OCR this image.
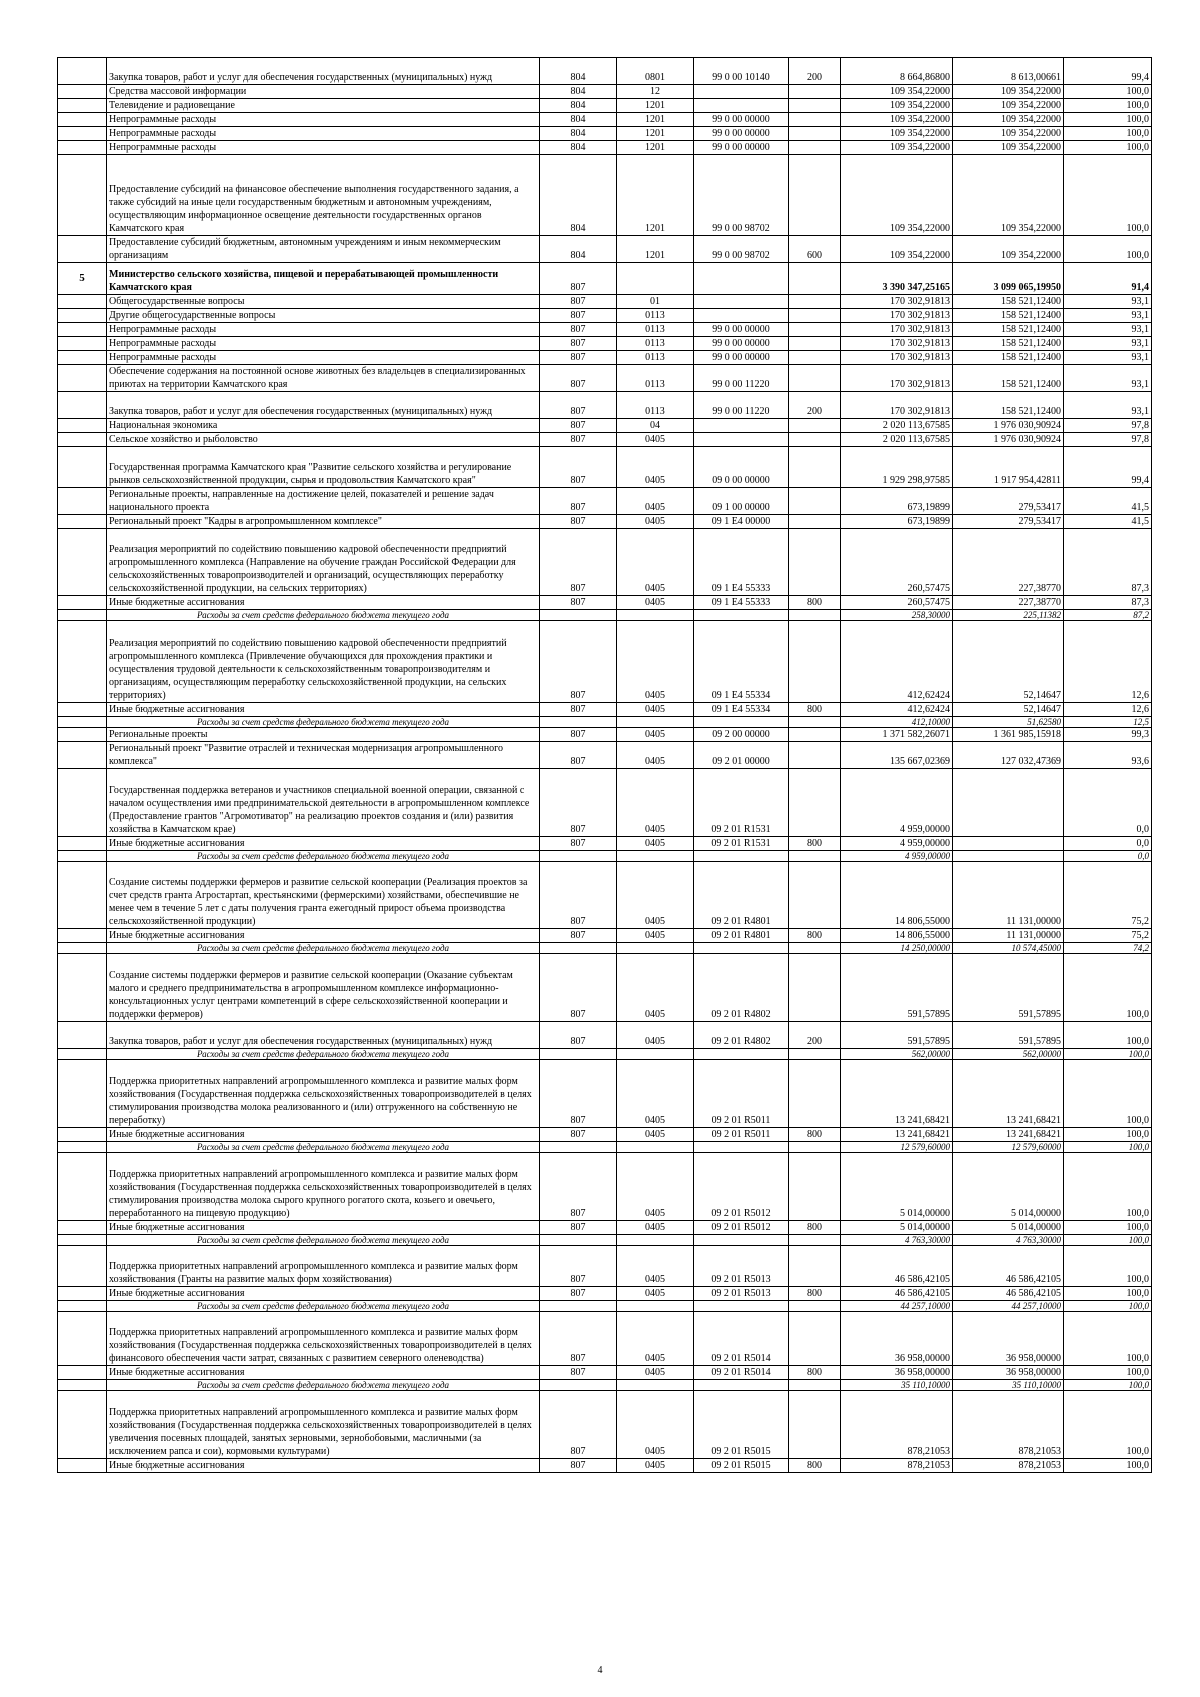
	Закупка товаров, работ и услуг для обеспечения государственных (муниципальных) нужд	804	0801	99 0 00 10140	200	8 664,86800	8 613,00661	99,4
	Средства массовой информации	804	12			109 354,22000	109 354,22000	100,0
	Телевидение и радиовещание	804	1201			109 354,22000	109 354,22000	100,0
	Непрограммные расходы	804	1201	99 0 00 00000		109 354,22000	109 354,22000	100,0
	Непрограммные расходы	804	1201	99 0 00 00000		109 354,22000	109 354,22000	100,0
	Непрограммные расходы	804	1201	99 0 00 00000		109 354,22000	109 354,22000	100,0
	Предоставление субсидий на финансовое обеспечение выполнения государственного задания, а также субсидий на иные цели государственным бюджетным и автономным учреждениям, осуществляющим информационное освещение деятельности государственных органов Камчатского края	804	1201	99 0 00 98702		109 354,22000	109 354,22000	100,0
	Предоставление субсидий бюджетным, автономным учреждениям и иным некоммерческим организациям	804	1201	99 0 00 98702	600	109 354,22000	109 354,22000	100,0
5	Министерство сельского хозяйства, пищевой и перерабатывающей промышленности Камчатского края	807				3 390 347,25165	3 099 065,19950	91,4
	Общегосударственные вопросы	807	01			170 302,91813	158 521,12400	93,1
	Другие общегосударственные вопросы	807	0113			170 302,91813	158 521,12400	93,1
	Непрограммные расходы	807	0113	99 0 00 00000		170 302,91813	158 521,12400	93,1
	Непрограммные расходы	807	0113	99 0 00 00000		170 302,91813	158 521,12400	93,1
	Непрограммные расходы	807	0113	99 0 00 00000		170 302,91813	158 521,12400	93,1
	Обеспечение содержания на постоянной основе животных без владельцев в специализированных приютах на территории Камчатского края	807	0113	99 0 00 11220		170 302,91813	158 521,12400	93,1
	Закупка товаров, работ и услуг для обеспечения государственных (муниципальных) нужд	807	0113	99 0 00 11220	200	170 302,91813	158 521,12400	93,1
	Национальная экономика	807	04			2 020 113,67585	1 976 030,90924	97,8
	Сельское хозяйство и рыболовство	807	0405			2 020 113,67585	1 976 030,90924	97,8
	Государственная программа Камчатского края "Развитие сельского хозяйства и регулирование рынков сельскохозяйственной продукции, сырья и продовольствия Камчатского края"	807	0405	09 0 00 00000		1 929 298,97585	1 917 954,42811	99,4
	Региональные проекты, направленные на достижение целей, показателей и решение задач национального проекта	807	0405	09 1 00 00000		673,19899	279,53417	41,5
	Региональный проект "Кадры в агропромышленном комплексе"	807	0405	09 1 Е4 00000		673,19899	279,53417	41,5
	Реализация мероприятий по содействию повышению кадровой обеспеченности предприятий агропромышленного комплекса (Направление на обучение граждан Российской Федерации для сельскохозяйственных товаропроизводителей и организаций, осуществляющих переработку сельскохозяйственной продукции, на сельских территориях)	807	0405	09 1 Е4 55333		260,57475	227,38770	87,3
	Иные бюджетные ассигнования	807	0405	09 1 Е4 55333	800	260,57475	227,38770	87,3
	Расходы за счет средств федерального бюджета текущего года					258,30000	225,11382	87,2
	Реализация мероприятий по содействию повышению кадровой обеспеченности предприятий агропромышленного комплекса (Привлечение обучающихся для прохождения практики и осуществления трудовой деятельности к сельскохозяйственным товаропроизводителям и организациям, осуществляющим переработку сельскохозяйственной продукции, на сельских территориях)	807	0405	09 1 Е4 55334		412,62424	52,14647	12,6
	Иные бюджетные ассигнования	807	0405	09 1 Е4 55334	800	412,62424	52,14647	12,6
	Расходы за счет средств федерального бюджета текущего года					412,10000	51,62580	12,5
	Региональные проекты	807	0405	09 2 00 00000		1 371 582,26071	1 361 985,15918	99,3
	Региональный проект "Развитие отраслей и техническая модернизация агропромышленного комплекса"	807	0405	09 2 01 00000		135 667,02369	127 032,47369	93,6
	Государственная поддержка ветеранов и участников специальной военной операции, связанной с началом осуществления ими предпринимательской деятельности в агропромышленном комплексе (Предоставление грантов "Агромотиватор" на реализацию проектов создания и (или) развития хозяйства в Камчатском крае)	807	0405	09 2 01 R1531		4 959,00000		0,0
	Иные бюджетные ассигнования	807	0405	09 2 01 R1531	800	4 959,00000		0,0
	Расходы за счет средств федерального бюджета текущего года					4 959,00000		0,0
	Создание системы поддержки фермеров и развитие сельской кооперации (Реализация проектов за счет средств гранта Агростартап, крестьянскими (фермерскими) хозяйствами, обеспечившие не менее чем в течение 5 лет с даты получения гранта ежегодный прирост объема производства сельскохозяйственной продукции)	807	0405	09 2 01 R4801		14 806,55000	11 131,00000	75,2
	Иные бюджетные ассигнования	807	0405	09 2 01 R4801	800	14 806,55000	11 131,00000	75,2
	Расходы за счет средств федерального бюджета текущего года					14 250,00000	10 574,45000	74,2
	Создание системы поддержки фермеров и развитие сельской кооперации (Оказание субъектам малого и среднего предпринимательства в агропромышленном комплексе информационно-консультационных услуг центрами компетенций в сфере сельскохозяйственной кооперации и поддержки фермеров)	807	0405	09 2 01 R4802		591,57895	591,57895	100,0
	Закупка товаров, работ и услуг для обеспечения государственных (муниципальных) нужд	807	0405	09 2 01 R4802	200	591,57895	591,57895	100,0
	Расходы за счет средств федерального бюджета текущего года					562,00000	562,00000	100,0
	Поддержка приоритетных направлений агропромышленного комплекса и развитие малых форм хозяйствования (Государственная поддержка сельскохозяйственных товаропроизводителей в целях стимулирования производства молока реализованного и (или) отгруженного на собственную не переработку)	807	0405	09 2 01 R5011		13 241,68421	13 241,68421	100,0
	Иные бюджетные ассигнования	807	0405	09 2 01 R5011	800	13 241,68421	13 241,68421	100,0
	Расходы за счет средств федерального бюджета текущего года					12 579,60000	12 579,60000	100,0
	Поддержка приоритетных направлений агропромышленного комплекса и развитие малых форм хозяйствования (Государственная поддержка сельскохозяйственных товаропроизводителей в целях стимулирования производства молока сырого крупного рогатого скота, козьего и овечьего, переработанного на пищевую продукцию)	807	0405	09 2 01 R5012		5 014,00000	5 014,00000	100,0
	Иные бюджетные ассигнования	807	0405	09 2 01 R5012	800	5 014,00000	5 014,00000	100,0
	Расходы за счет средств федерального бюджета текущего года					4 763,30000	4 763,30000	100,0
	Поддержка приоритетных направлений агропромышленного комплекса и развитие малых форм хозяйствования (Гранты на развитие малых форм хозяйствования)	807	0405	09 2 01 R5013		46 586,42105	46 586,42105	100,0
	Иные бюджетные ассигнования	807	0405	09 2 01 R5013	800	46 586,42105	46 586,42105	100,0
	Расходы за счет средств федерального бюджета текущего года					44 257,10000	44 257,10000	100,0
	Поддержка приоритетных направлений агропромышленного комплекса и развитие малых форм хозяйствования (Государственная поддержка сельскохозяйственных товаропроизводителей в целях финансового обеспечения части затрат, связанных с развитием северного оленеводства)	807	0405	09 2 01 R5014		36 958,00000	36 958,00000	100,0
	Иные бюджетные ассигнования	807	0405	09 2 01 R5014	800	36 958,00000	36 958,00000	100,0
	Расходы за счет средств федерального бюджета текущего года					35 110,10000	35 110,10000	100,0
	Поддержка приоритетных направлений агропромышленного комплекса и развитие малых форм хозяйствования (Государственная поддержка сельскохозяйственных товаропроизводителей в целях увеличения посевных площадей, занятых зерновыми, зернобобовыми, масличными (за исключением рапса и сои), кормовыми культурами)	807	0405	09 2 01 R5015		878,21053	878,21053	100,0
	Иные бюджетные ассигнования	807	0405	09 2 01 R5015	800	878,21053	878,21053	100,0
4
